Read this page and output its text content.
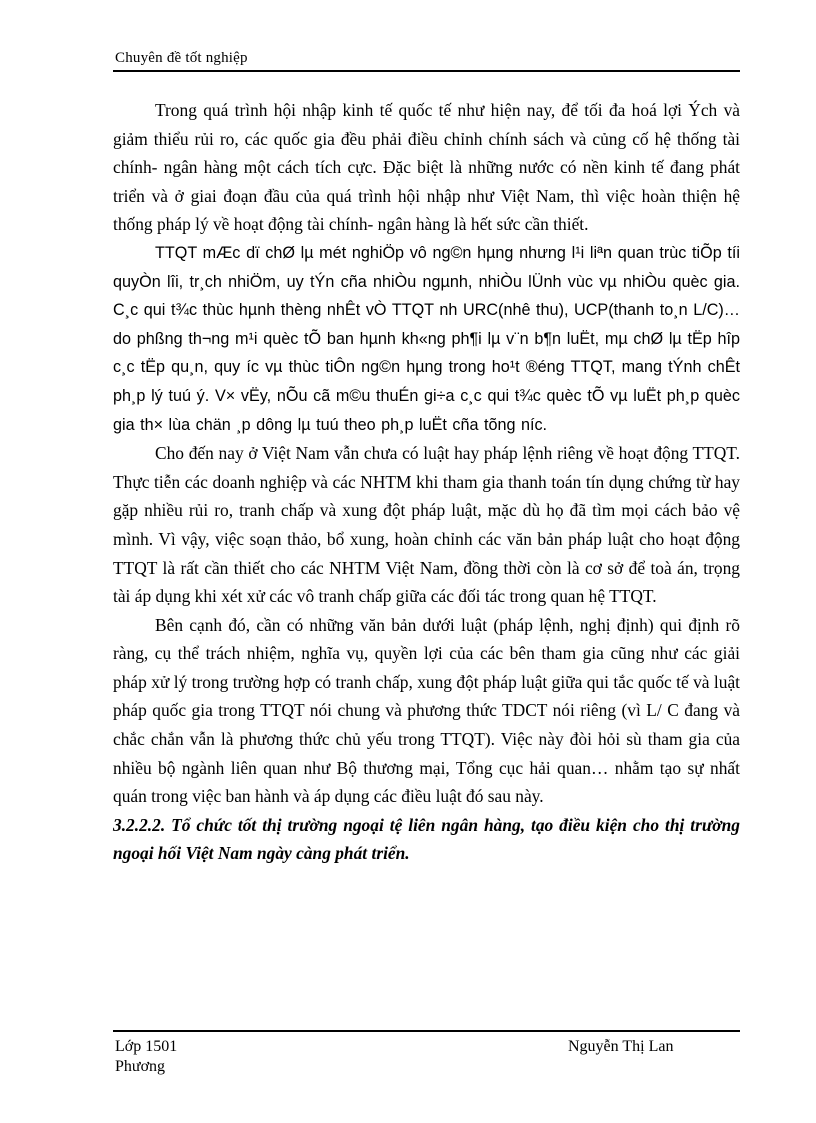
Chuyên đề tốt nghiệp

Trong quá trình hội nhập kinh tế quốc tế như hiện nay, để tối đa hoá lợi Ých và giảm thiểu rủi ro, các quốc gia đều phải điều chỉnh chính sách và củng cố hệ thống tài chính- ngân hàng một cách tích cực. Đặc biệt là những nước có nền kinh tế đang phát triển và ở giai đoạn đầu của quá trình hội nhập như Việt Nam, thì việc hoàn thiện hệ thống pháp lý về hoạt động tài chính- ngân hàng là hết sức cần thiết.

TTQT mÆc dï chØ lµ mét nghiÖp vô ng©n hµng nhưng l¹i liªn quan trùc tiÕp tíi quyÒn lîi, tr¸ch nhiÖm, uy tÝn cña nhiÒu ngµnh, nhiÒu lÜnh vùc vµ nhiÒu quèc gia. C¸c qui t¾c thùc hµnh thèng nhÊt vÒ TTQT nh URC(nhê thu), UCP(thanh to¸n L/C)… do phßng th¬ng m¹i quèc tÕ ban hµnh kh«ng ph¶i lµ v¨n b¶n luËt, mµ chØ lµ tËp hîp c¸c tËp qu¸n, quy íc vµ thùc tiÔn ng©n hµng trong ho¹t ®éng TTQT, mang tÝnh chÊt ph¸p lý tuú ý. V× vËy, nÕu cã m©u thuÉn gi÷a c¸c qui t¾c quèc tÕ vµ luËt ph¸p quèc gia th× lùa chän ¸p dông lµ tuú theo ph¸p luËt cña tõng níc.

Cho đến nay ở Việt Nam vẫn chưa có luật hay pháp lệnh riêng về hoạt động TTQT. Thực tiễn các doanh nghiệp và các NHTM khi tham gia thanh toán tín dụng chứng từ hay gặp nhiều rủi ro, tranh chấp và xung đột pháp luật, mặc dù họ đã tìm mọi cách bảo vệ mình. Vì vậy, việc soạn thảo, bổ xung, hoàn chỉnh các văn bản pháp luật cho hoạt động TTQT là rất cần thiết cho các NHTM Việt Nam, đồng thời còn là cơ sở để toà án, trọng tài áp dụng khi xét xử các vô tranh chấp giữa các đối tác trong quan hệ TTQT.

Bên cạnh đó, cần có những văn bản dưới luật (pháp lệnh, nghị định) qui định rõ ràng, cụ thể trách nhiệm, nghĩa vụ, quyền lợi của các bên tham gia cũng như các giải pháp xử lý trong trường hợp có tranh chấp, xung đột pháp luật giữa qui tắc quốc tế và luật pháp quốc gia trong TTQT nói chung và phương thức TDCT nói riêng (vì L/ C đang và chắc chắn vẫn là phương thức chủ yếu trong TTQT). Việc này đòi hỏi sù tham gia của nhiều bộ ngành liên quan như Bộ thương mại, Tổng cục hải quan… nhằm tạo sự nhất quán trong việc ban hành và áp dụng các điều luật đó sau này.

3.2.2.2. Tổ chức tốt thị trường ngoại tệ liên ngân hàng, tạo điều kiện cho thị trường ngoại hối Việt Nam ngày càng phát triển.

Lớp 1501	Nguyễn Thị Lan
Phương
